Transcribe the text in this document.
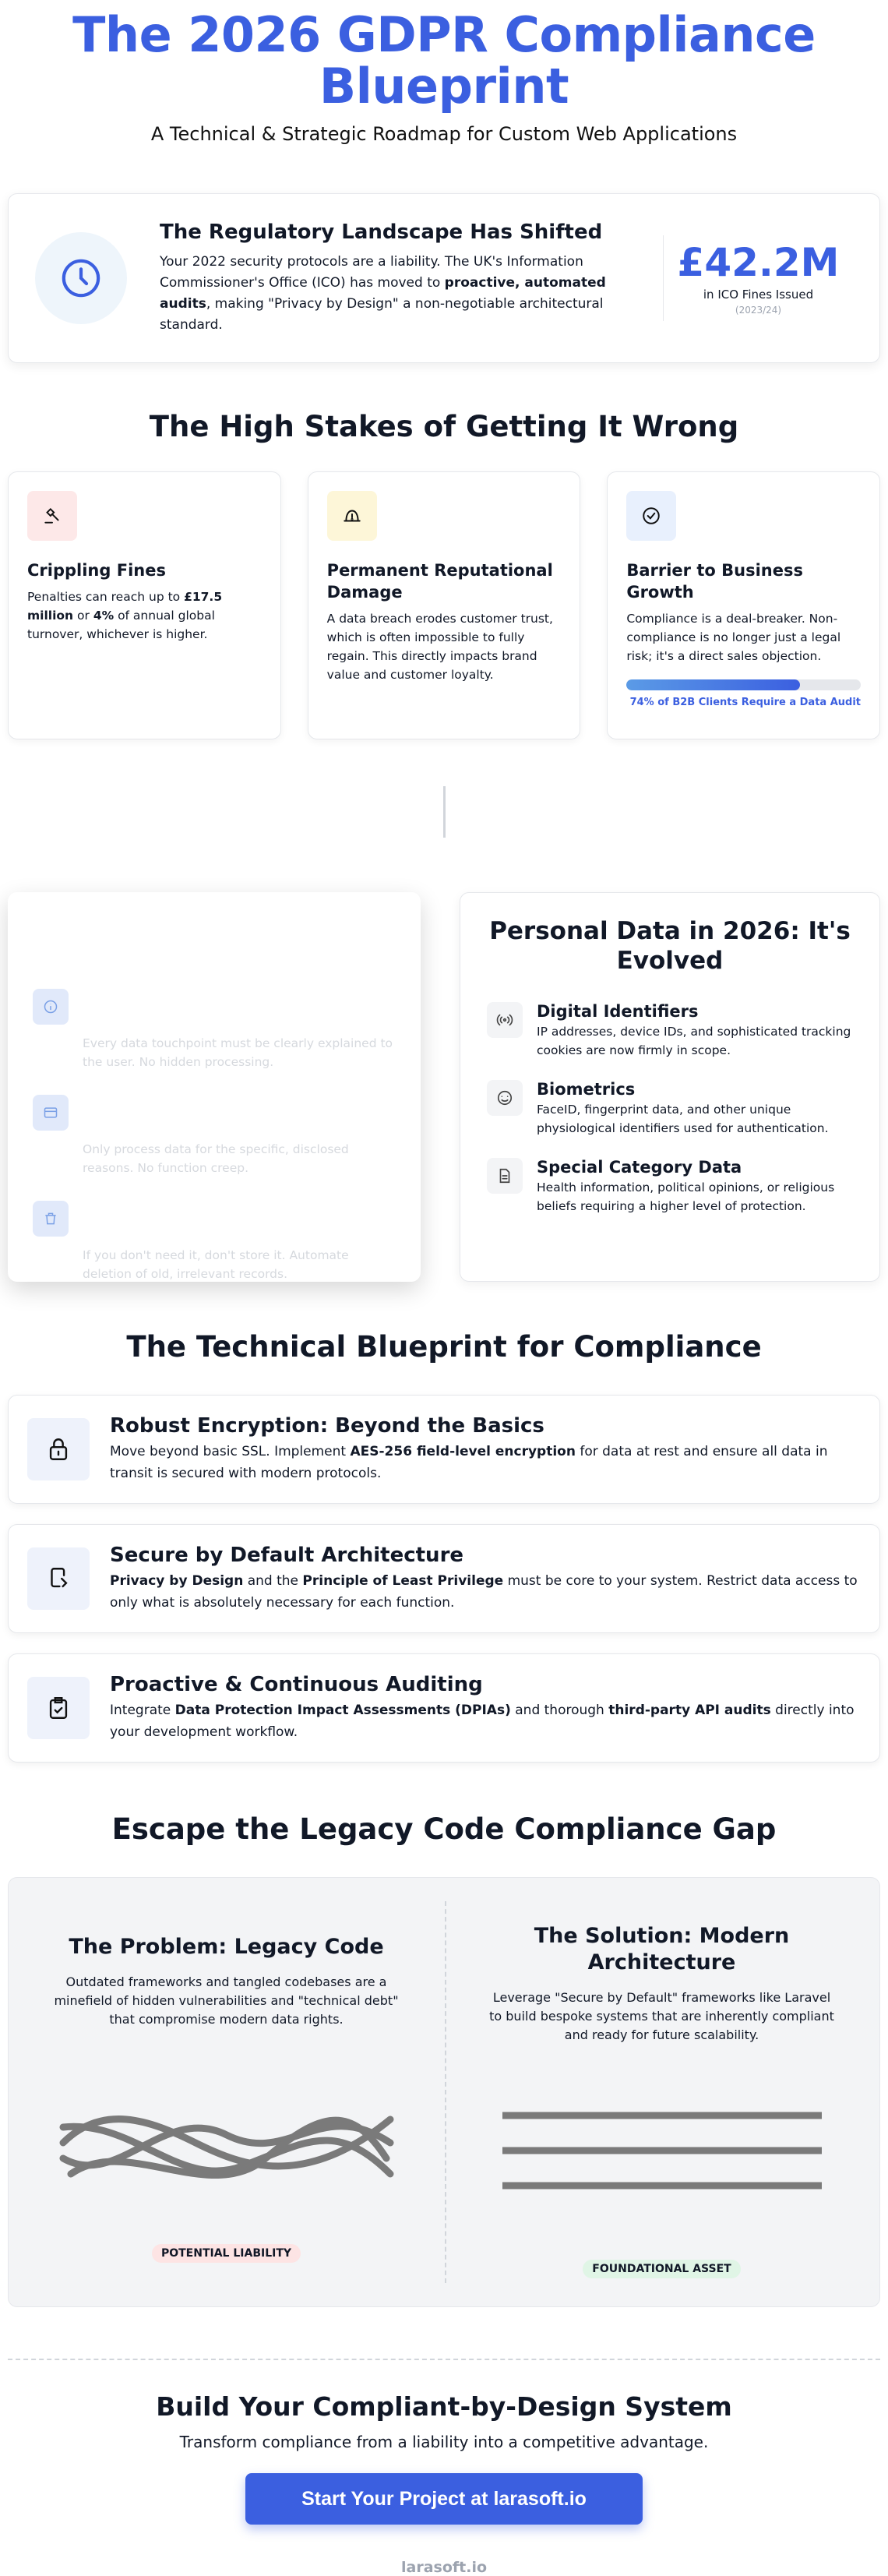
The 2026 GDPR Compliance
Blueprint
A Technical & Strategic Roadmap for Custom Web Applications
The Regulatory Landscape Has Shifted

Your 2022 security protocols are a liability. The UK's Information Commissioner's Office (ICO) has moved to proactive, automated audits, making "Privacy by Design" a non-negotiable architectural standard.

£42.2M
in ICO Fines Issued
(2023/24)
The High Stakes of Getting It Wrong
Crippling Fines

Penalties can reach up to £17.5 million or 4% of annual global turnover, whichever is higher.

Permanent Reputational Damage

A data breach erodes customer trust, which is often impossible to fully regain. This directly impacts brand value and customer loyalty.

Barrier to Business Growth

Compliance is a deal-breaker. Non-compliance is no longer just a legal risk; it's a direct sales objection.

74% of B2B Clients Require a Data Audit

Every data touchpoint must be clearly explained to the user. No hidden processing.

Only process data for the specific, disclosed reasons. No function creep.

If you don't need it, don't store it. Automate deletion of old, irrelevant records.

Personal Data in 2026: It's Evolved
Digital Identifiers

IP addresses, device IDs, and sophisticated tracking cookies are now firmly in scope.

Biometrics

FaceID, fingerprint data, and other unique physiological identifiers used for authentication.

Special Category Data

Health information, political opinions, or religious beliefs requiring a higher level of protection.

The Technical Blueprint for Compliance
Robust Encryption: Beyond the Basics

Move beyond basic SSL. Implement AES-256 field-level encryption for data at rest and ensure all data in transit is secured with modern protocols.

Secure by Default Architecture

Privacy by Design and the Principle of Least Privilege must be core to your system. Restrict data access to only what is absolutely necessary for each function.

Proactive & Continuous Auditing

Integrate Data Protection Impact Assessments (DPIAs) and thorough third-party API audits directly into your development workflow.

Escape the Legacy Code Compliance Gap
The Problem: Legacy Code

Outdated frameworks and tangled codebases are a minefield of hidden vulnerabilities and "technical debt" that compromise modern data rights.

POTENTIAL LIABILITY
The Solution: Modern Architecture

Leverage "Secure by Default" frameworks like Laravel to build bespoke systems that are inherently compliant and ready for future scalability.

FOUNDATIONAL ASSET
Build Your Compliant-by-Design System

Transform compliance from a liability into a competitive advantage.

Start Your Project at larasoft.io
larasoft.io
